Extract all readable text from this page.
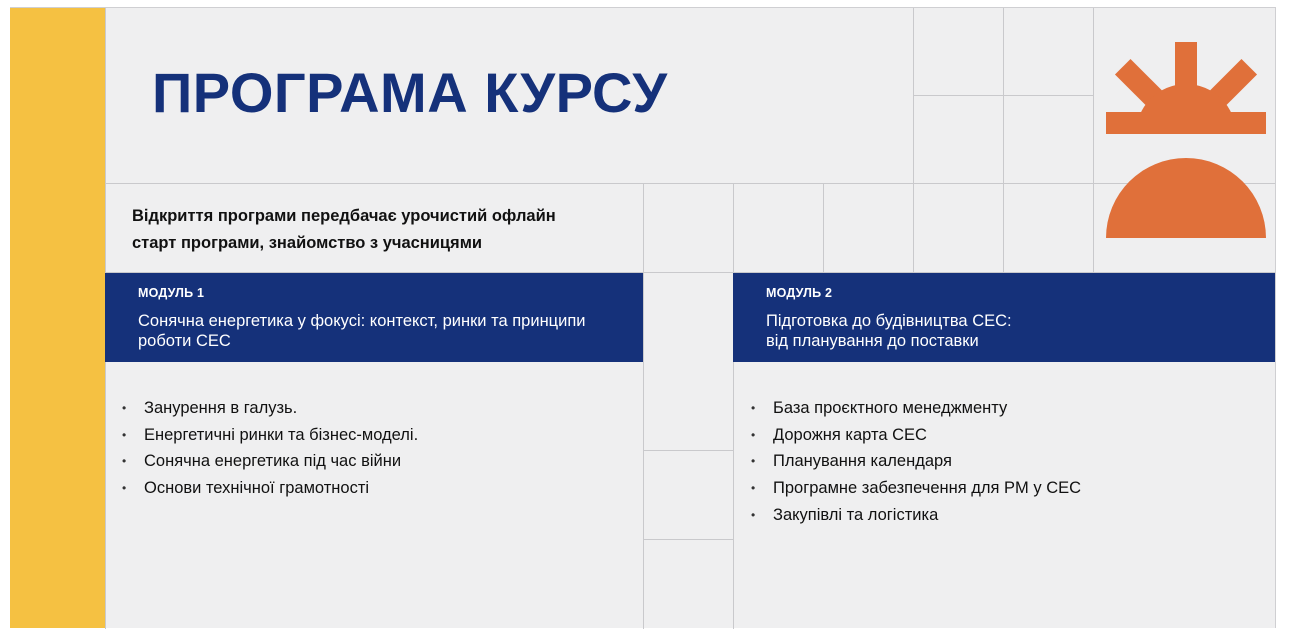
ПРОГРАМА КУРСУ
Відкриття програми передбачає урочистий офлайн старт програми, знайомство з учасницями
МОДУЛЬ 1
Сонячна енергетика у фокусі: контекст, ринки та принципи роботи СЕС
МОДУЛЬ 2
Підготовка до будівництва СЕС:
від планування до поставки
• Занурення в галузь.
• Енергетичні ринки та бізнес-моделі.
• Сонячна енергетика під час війни
• Основи технічної грамотності
• База проєктного менеджменту
• Дорожня карта СЕС
• Планування календаря
• Програмне забезпечення для PM у СЕС
• Закупівлі та логістика
